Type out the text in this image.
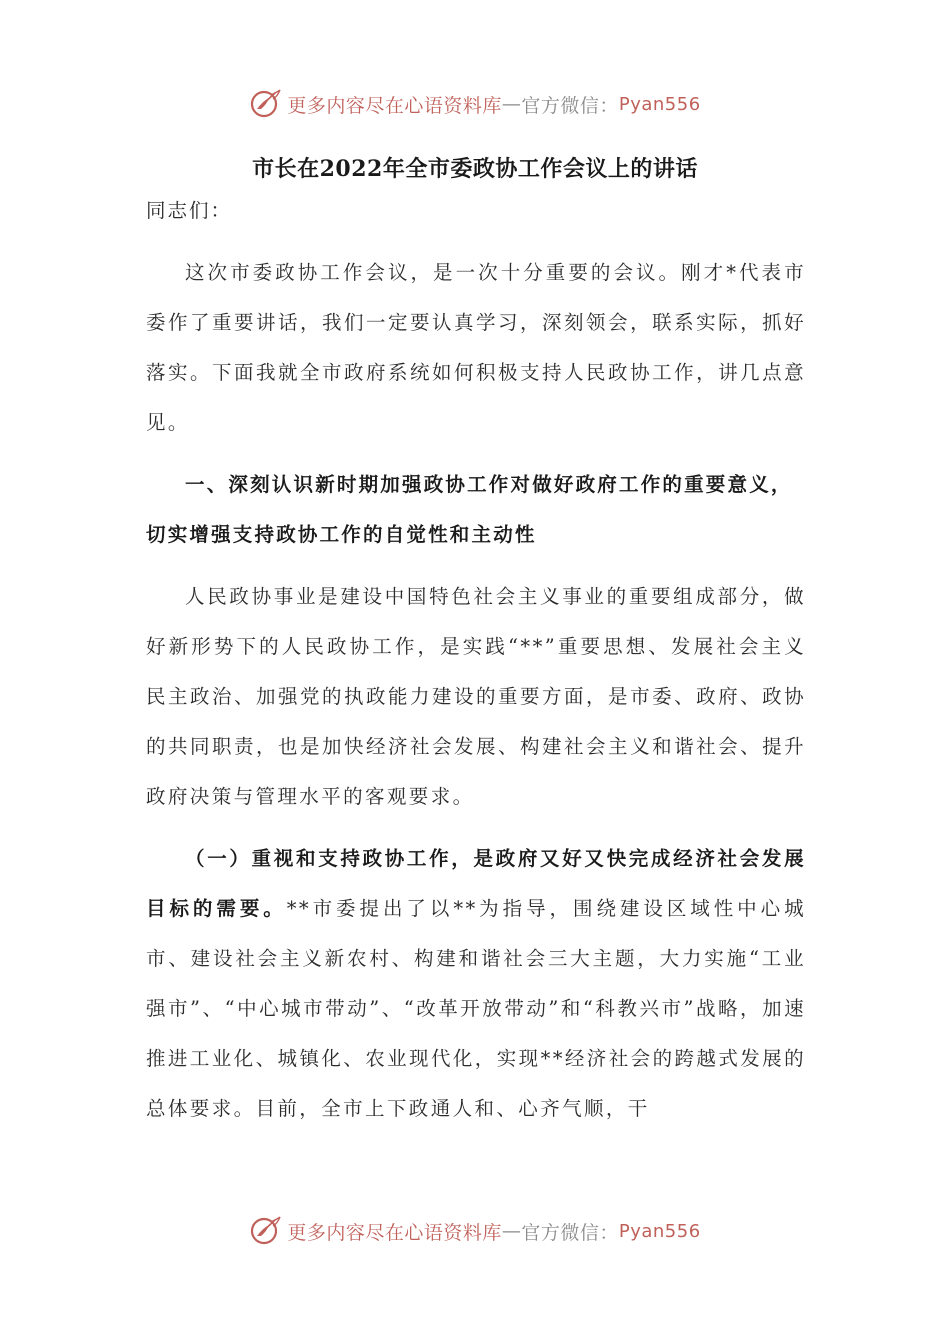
更多内容尽在心语资料库 — 官方微信： Pyan556
市长在2022年全市委政协工作会议上的讲话

同志们：

这次市委政协工作会议，是一次十分重要的会议。刚才*代表市委作了重要讲话，我们一定要认真学习，深刻领会，联系实际，抓好落实。下面我就全市政府系统如何积极支持人民政协工作，讲几点意见。

一、深刻认识新时期加强政协工作对做好政府工作的重要意义，切实增强支持政协工作的自觉性和主动性

人民政协事业是建设中国特色社会主义事业的重要组成部分，做好新形势下的人民政协工作，是实践“**”重要思想、发展社会主义民主政治、加强党的执政能力建设的重要方面，是市委、政府、政协的共同职责，也是加快经济社会发展、构建社会主义和谐社会、提升政府决策与管理水平的客观要求。

（一）重视和支持政协工作，是政府又好又快完成经济社会发展目标的需要。**市委提出了以**为指导，围绕建设区域性中心城市、建设社会主义新农村、构建和谐社会三大主题，大力实施“工业强市”、“中心城市带动”、“改革开放带动”和“科教兴市”战略，加速推进工业化、城镇化、农业现代化，实现**经济社会的跨越式发展的总体要求。目前，全市上下政通人和、心齐气顺，干

更多内容尽在心语资料库 — 官方微信： Pyan556
